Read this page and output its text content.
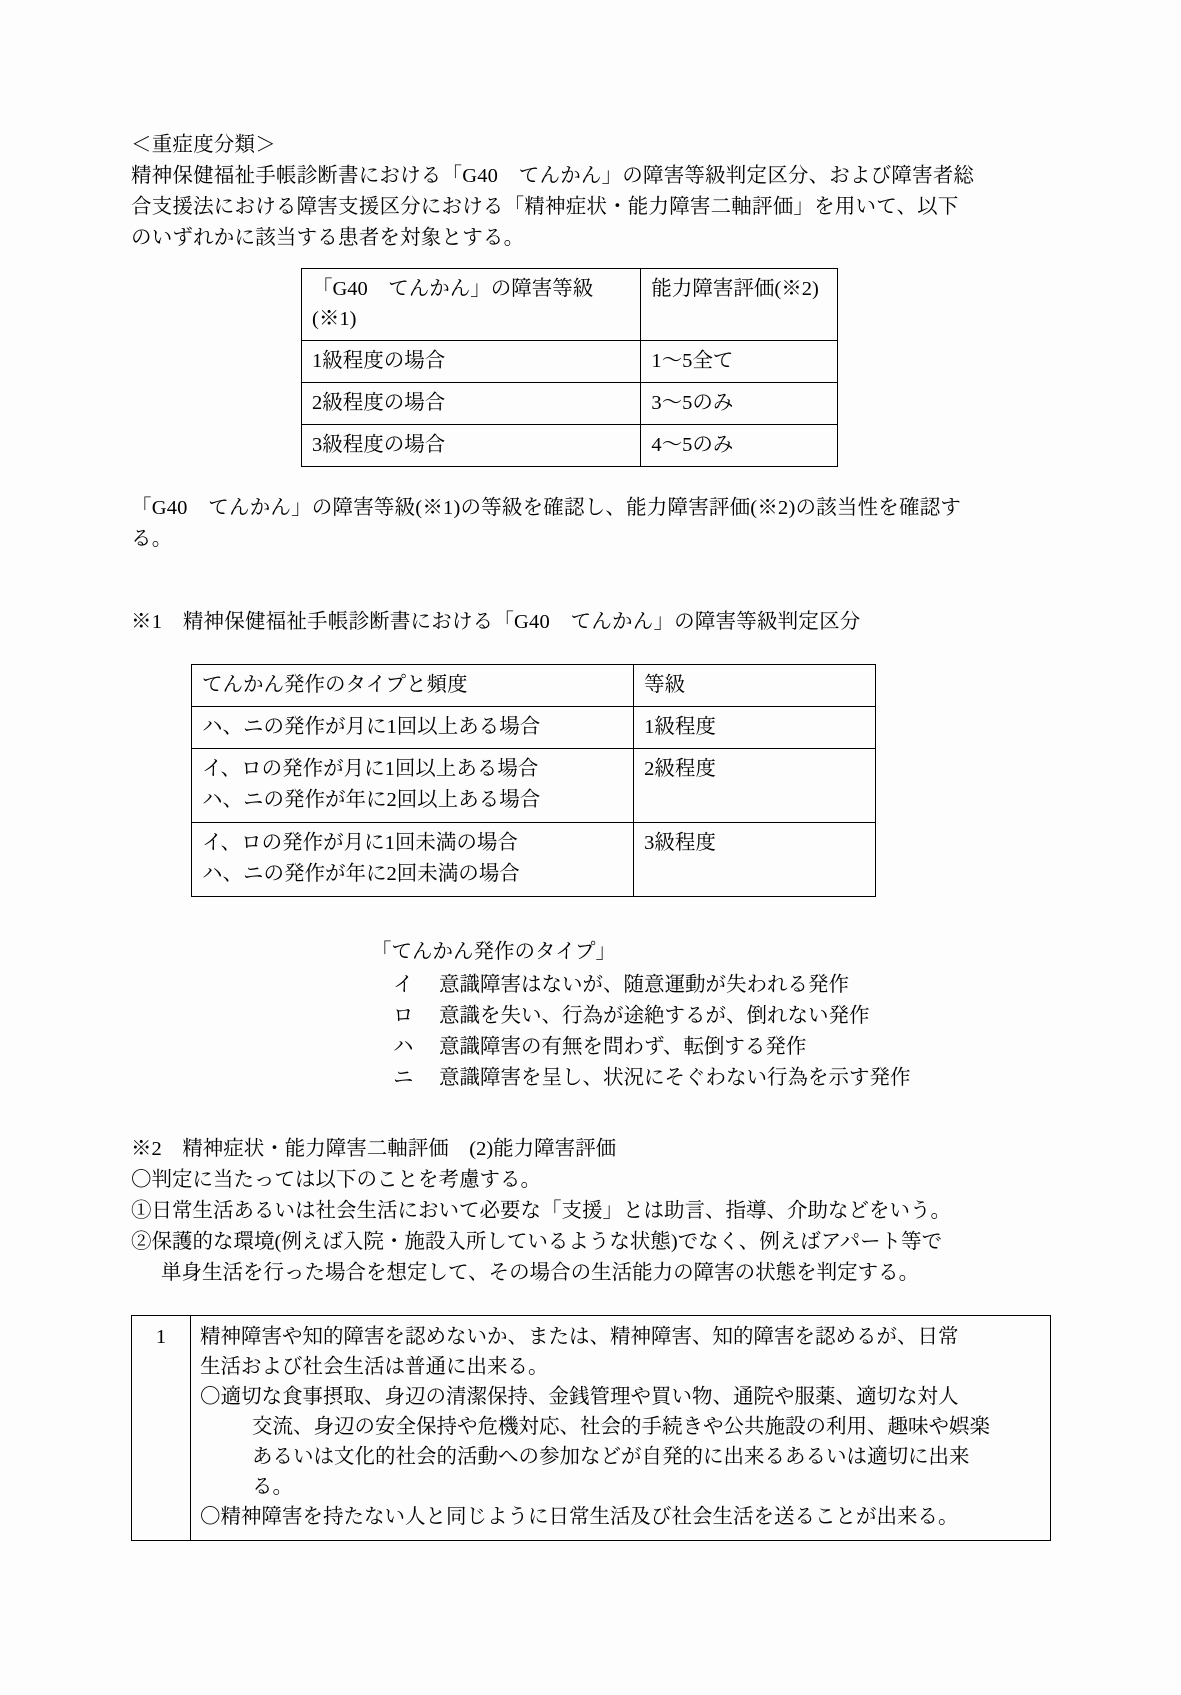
＜重症度分類＞
精神保健福祉手帳診断書における「G40　てんかん」の障害等級判定区分、および障害者総
合支援法における障害支援区分における「精神症状・能力障害二軸評価」を用いて、以下
のいずれかに該当する患者を対象とする。
「G40　てんかん」の障害等級(※1)	能力障害評価(※2)
1級程度の場合	1～5全て
2級程度の場合	3～5のみ
3級程度の場合	4～5のみ
「G40　てんかん」の障害等級(※1)の等級を確認し、能力障害評価(※2)の該当性を確認す
る。
※1　精神保健福祉手帳診断書における「G40　てんかん」の障害等級判定区分
てんかん発作のタイプと頻度	等級

ハ、ニの発作が月に1回以上ある場合	1級程度

イ、ロの発作が月に1回以上ある場合
ハ、ニの発作が年に2回以上ある場合	2級程度

イ、ロの発作が月に1回未満の場合
ハ、ニの発作が年に2回未満の場合	3級程度
「てんかん発作のタイプ」
イ	意識障害はないが、随意運動が失われる発作
ロ	意識を失い、行為が途絶するが、倒れない発作
ハ	意識障害の有無を問わず、転倒する発作
ニ	意識障害を呈し、状況にそぐわない行為を示す発作
※2　精神症状・能力障害二軸評価　(2)能力障害評価
〇判定に当たっては以下のことを考慮する。
①日常生活あるいは社会生活において必要な「支援」とは助言、指導、介助などをいう。
②保護的な環境(例えば入院・施設入所しているような状態)でなく、例えばアパート等で
単身生活を行った場合を想定して、その場合の生活能力の障害の状態を判定する。
1	精神障害や知的障害を認めないか、または、精神障害、知的障害を認めるが、日常
生活および社会生活は普通に出来る。
〇適切な食事摂取、身辺の清潔保持、金銭管理や買い物、通院や服薬、適切な対人
交流、身辺の安全保持や危機対応、社会的手続きや公共施設の利用、趣味や娯楽
あるいは文化的社会的活動への参加などが自発的に出来るあるいは適切に出来
る。
〇精神障害を持たない人と同じように日常生活及び社会生活を送ることが出来る。
